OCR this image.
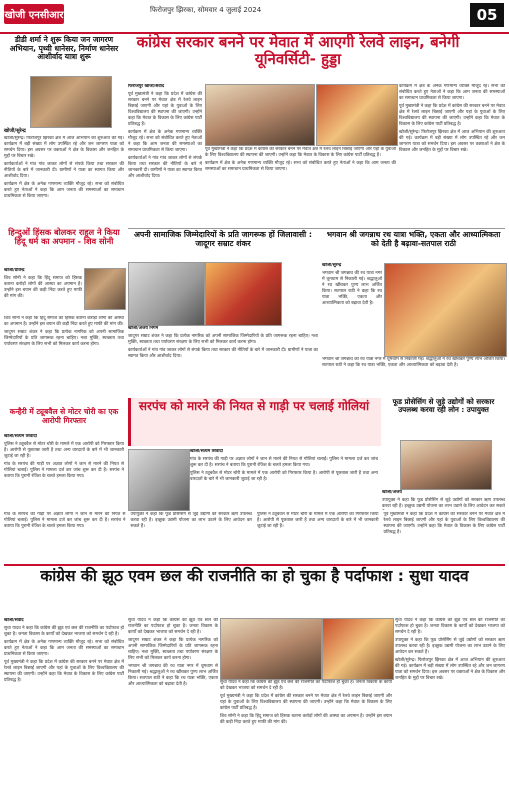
खोजी एनसीआर	फिरोजपुर झिरका, सोमवार 4 जुलाई 2024	05
डीडी शर्मा ने शुरू किया जन जागरण अभियान, पृथ्वी धानेसर, निर्माण धानेसर आशीर्वाद यात्रा शुरू
खोजी/सुरेन्द्र

खोजी/सुरेन्द्र। फिरोजपुर झिरका क्षेत्र में आज अभियान की शुरुआत की गई। कार्यक्रम में बड़ी संख्या में लोग उपस्थित रहे और जन जागरण यात्रा को समर्थन दिया। इस अवसर पर वक्ताओं ने क्षेत्र के विकास और जनहित के मुद्दों पर विचार रखे।

कार्यकर्ताओं ने गांव गांव जाकर लोगों से संपर्क किया तथा सरकार की नीतियों के बारे में जानकारी दी। ग्रामीणों ने यात्रा का स्वागत किया और आशीर्वाद दिया।

कार्यक्रम में क्षेत्र के अनेक गणमान्य व्यक्ति मौजूद रहे। सभा को संबोधित करते हुए नेताओं ने कहा कि आम जनता की समस्याओं का समाधान प्राथमिकता से किया जाएगा।

कांग्रेस सरकार बनने पर मेवात में आएगी रेलवे लाइन, बनेगी यूनिवर्सिटी- हुड्डा

फिरोजपुर खोजी/संवाद

पूर्व मुख्यमंत्री ने कहा कि प्रदेश में कांग्रेस की सरकार बनने पर मेवात क्षेत्र में रेलवे लाइन बिछाई जाएगी और यहां के युवाओं के लिए विश्वविद्यालय की स्थापना की जाएगी। उन्होंने कहा कि मेवात के विकास के लिए कांग्रेस पार्टी प्रतिबद्ध है।

कार्यक्रम में क्षेत्र के अनेक गणमान्य व्यक्ति मौजूद रहे। सभा को संबोधित करते हुए नेताओं ने कहा कि आम जनता की समस्याओं का समाधान प्राथमिकता से किया जाएगा।

कार्यकर्ताओं ने गांव गांव जाकर लोगों से संपर्क किया तथा सरकार की नीतियों के बारे में जानकारी दी। ग्रामीणों ने यात्रा का स्वागत किया और आशीर्वाद दिया।

पूर्व मुख्यमंत्री ने कहा कि प्रदेश में कांग्रेस की सरकार बनने पर मेवात क्षेत्र में रेलवे लाइन बिछाई जाएगी और यहां के युवाओं के लिए विश्वविद्यालय की स्थापना की जाएगी। उन्होंने कहा कि मेवात के विकास के लिए कांग्रेस पार्टी प्रतिबद्ध है।

कार्यक्रम में क्षेत्र के अनेक गणमान्य व्यक्ति मौजूद रहे। सभा को संबोधित करते हुए नेताओं ने कहा कि आम जनता की समस्याओं का समाधान प्राथमिकता से किया जाएगा।

कार्यक्रम में क्षेत्र के अनेक गणमान्य व्यक्ति मौजूद रहे। सभा को संबोधित करते हुए नेताओं ने कहा कि आम जनता की समस्याओं का समाधान प्राथमिकता से किया जाएगा।

पूर्व मुख्यमंत्री ने कहा कि प्रदेश में कांग्रेस की सरकार बनने पर मेवात क्षेत्र में रेलवे लाइन बिछाई जाएगी और यहां के युवाओं के लिए विश्वविद्यालय की स्थापना की जाएगी। उन्होंने कहा कि मेवात के विकास के लिए कांग्रेस पार्टी प्रतिबद्ध है।

खोजी/सुरेन्द्र। फिरोजपुर झिरका क्षेत्र में आज अभियान की शुरुआत की गई। कार्यक्रम में बड़ी संख्या में लोग उपस्थित रहे और जन जागरण यात्रा को समर्थन दिया। इस अवसर पर वक्ताओं ने क्षेत्र के विकास और जनहित के मुद्दों पर विचार रखे।

अपनी सामाजिक जिम्मेदारियों के प्रति जागरूक हों जिलावासी : जादूगर सम्राट शंकर

खोजी/अजय निगम

जादूगर सम्राट शंकर ने कहा कि प्रत्येक नागरिक को अपनी सामाजिक जिम्मेदारियों के प्रति जागरूक रहना चाहिए। नशा मुक्ति, स्वच्छता तथा पर्यावरण संरक्षण के लिए सभी को मिलकर कार्य करना होगा।

कार्यकर्ताओं ने गांव गांव जाकर लोगों से संपर्क किया तथा सरकार की नीतियों के बारे में जानकारी दी। ग्रामीणों ने यात्रा का स्वागत किया और आशीर्वाद दिया।

भगवान श्री जगन्नाथ रथ यात्रा भक्ति, एकता और आध्यात्मिकता को देती है बढ़ावा-सतपाल राठी

खोजी/सुरेन्द्र

भगवान श्री जगन्नाथ की रथ यात्रा नगर में धूमधाम से निकाली गई। श्रद्धालुओं ने रथ खींचकर पुण्य लाभ अर्जित किया। सतपाल राठी ने कहा कि रथ यात्रा भक्ति, एकता और आध्यात्मिकता को बढ़ावा देती है।

भगवान श्री जगन्नाथ की रथ यात्रा नगर में धूमधाम से निकाली गई। श्रद्धालुओं ने रथ खींचकर पुण्य लाभ अर्जित किया। सतपाल राठी ने कहा कि रथ यात्रा भक्ति, एकता और आध्यात्मिकता को बढ़ावा देती है।

हिन्दुओं हिंसक बोलकर राहुल ने किया हिंदू धर्म का अपमान - शिव सोनी

खोजी/प्रविन्द्र

शिव सोनी ने कहा कि हिंदू समाज को हिंसक बताना करोड़ों लोगों की आस्था का अपमान है। उन्होंने इस बयान की कड़ी निंदा करते हुए माफी की मांग की।

शिव सोनी ने कहा कि हिंदू समाज को हिंसक बताना करोड़ों लोगों की आस्था का अपमान है। उन्होंने इस बयान की कड़ी निंदा करते हुए माफी की मांग की।

जादूगर सम्राट शंकर ने कहा कि प्रत्येक नागरिक को अपनी सामाजिक जिम्मेदारियों के प्रति जागरूक रहना चाहिए। नशा मुक्ति, स्वच्छता तथा पर्यावरण संरक्षण के लिए सभी को मिलकर कार्य करना होगा।

कन्हैरी में ट्यूबवैल से मोटर चोरी का एक आरोपी गिरफ्तार

खोजी/सत्यम शिवादी

पुलिस ने ट्यूबवैल से मोटर चोरी के मामले में एक आरोपी को गिरफ्तार किया है। आरोपी से पूछताछ जारी है तथा अन्य वारदातों के बारे में भी जानकारी जुटाई जा रही है।

गांव के सरपंच की गाड़ी पर अज्ञात लोगों ने जान से मारने की नियत से गोलियां चलाईं। पुलिस ने मामला दर्ज कर जांच शुरू कर दी है। सरपंच ने बताया कि पुरानी रंजिश के चलते हमला किया गया।

सरपंच को मारने की नियत से गाड़ी पर चलाई गोलियां

खोजी/सत्यम शिवादी

गांव के सरपंच की गाड़ी पर अज्ञात लोगों ने जान से मारने की नियत से गोलियां चलाईं। पुलिस ने मामला दर्ज कर जांच शुरू कर दी है। सरपंच ने बताया कि पुरानी रंजिश के चलते हमला किया गया।

पुलिस ने ट्यूबवैल से मोटर चोरी के मामले में एक आरोपी को गिरफ्तार किया है। आरोपी से पूछताछ जारी है तथा अन्य वारदातों के बारे में भी जानकारी जुटाई जा रही है।

फूड प्रोसेसिंग से जुड़े उद्योगों को सरकार उपलब्ध करवा रही लोन : उपायुक्त

खोजी/अजय

उपायुक्त ने कहा कि फूड प्रोसेसिंग से जुड़े उद्योगों को सरकार ऋण उपलब्ध करवा रही है। इच्छुक उद्यमी योजना का लाभ उठाने के लिए आवेदन कर सकते

गांव के सरपंच की गाड़ी पर अज्ञात लोगों ने जान से मारने की नियत से गोलियां चलाईं। पुलिस ने मामला दर्ज कर जांच शुरू कर दी है। सरपंच ने बताया कि पुरानी रंजिश के चलते हमला किया गया।

उपायुक्त ने कहा कि फूड प्रोसेसिंग से जुड़े उद्योगों को सरकार ऋण उपलब्ध करवा रही है। इच्छुक उद्यमी योजना का लाभ उठाने के लिए आवेदन कर सकते हैं।

पुलिस ने ट्यूबवैल से मोटर चोरी के मामले में एक आरोपी को गिरफ्तार किया है। आरोपी से पूछताछ जारी है तथा अन्य वारदातों के बारे में भी जानकारी जुटाई जा रही है।

पूर्व मुख्यमंत्री ने कहा कि प्रदेश में कांग्रेस की सरकार बनने पर मेवात क्षेत्र में रेलवे लाइन बिछाई जाएगी और यहां के युवाओं के लिए विश्वविद्यालय की स्थापना की जाएगी। उन्होंने कहा कि मेवात के विकास के लिए कांग्रेस पार्टी प्रतिबद्ध है।

कांग्रेस की झूठ एवम छल की राजनीति का हो चुका है पर्दाफाश : सुधा यादव

खोजी/संवाद

सुधा यादव ने कहा कि कांग्रेस की झूठ एवं छल की राजनीति का पर्दाफाश हो चुका है। जनता विकास के कार्यों को देखकर भाजपा को समर्थन दे रही है।

कार्यक्रम में क्षेत्र के अनेक गणमान्य व्यक्ति मौजूद रहे। सभा को संबोधित करते हुए नेताओं ने कहा कि आम जनता की समस्याओं का समाधान प्राथमिकता से किया जाएगा।

पूर्व मुख्यमंत्री ने कहा कि प्रदेश में कांग्रेस की सरकार बनने पर मेवात क्षेत्र में रेलवे लाइन बिछाई जाएगी और यहां के युवाओं के लिए विश्वविद्यालय की स्थापना की जाएगी। उन्होंने कहा कि मेवात के विकास के लिए कांग्रेस पार्टी प्रतिबद्ध है।

सुधा यादव ने कहा कि कांग्रेस की झूठ एवं छल की राजनीति का पर्दाफाश हो चुका है। जनता विकास के कार्यों को देखकर भाजपा को समर्थन दे रही है।

जादूगर सम्राट शंकर ने कहा कि प्रत्येक नागरिक को अपनी सामाजिक जिम्मेदारियों के प्रति जागरूक रहना चाहिए। नशा मुक्ति, स्वच्छता तथा पर्यावरण संरक्षण के लिए सभी को मिलकर कार्य करना होगा।

भगवान श्री जगन्नाथ की रथ यात्रा नगर में धूमधाम से निकाली गई। श्रद्धालुओं ने रथ खींचकर पुण्य लाभ अर्जित किया। सतपाल राठी ने कहा कि रथ यात्रा भक्ति, एकता और आध्यात्मिकता को बढ़ावा देती है।	सुधा यादव ने कहा कि कांग्रेस की झूठ एवं छल की राजनीति का पर्दाफाश हो चुका है। जनता विकास के कार्यों को देखकर भाजपा को समर्थन दे रही है।

पूर्व मुख्यमंत्री ने कहा कि प्रदेश में कांग्रेस की सरकार बनने पर मेवात क्षेत्र में रेलवे लाइन बिछाई जाएगी और यहां के युवाओं के लिए विश्वविद्यालय की स्थापना की जाएगी। उन्होंने कहा कि मेवात के विकास के लिए कांग्रेस पार्टी प्रतिबद्ध है।

शिव सोनी ने कहा कि हिंदू समाज को हिंसक बताना करोड़ों लोगों की आस्था का अपमान है। उन्होंने इस बयान की कड़ी निंदा करते हुए माफी की मांग की।

सुधा यादव ने कहा कि कांग्रेस की झूठ एवं छल की राजनीति का पर्दाफाश हो चुका है। जनता विकास के कार्यों को देखकर भाजपा को समर्थन दे रही है।

उपायुक्त ने कहा कि फूड प्रोसेसिंग से जुड़े उद्योगों को सरकार ऋण उपलब्ध करवा रही है। इच्छुक उद्यमी योजना का लाभ उठाने के लिए आवेदन कर सकते हैं।

खोजी/सुरेन्द्र। फिरोजपुर झिरका क्षेत्र में आज अभियान की शुरुआत की गई। कार्यक्रम में बड़ी संख्या में लोग उपस्थित रहे और जन जागरण यात्रा को समर्थन दिया। इस अवसर पर वक्ताओं ने क्षेत्र के विकास और जनहित के मुद्दों पर विचार रखे।
